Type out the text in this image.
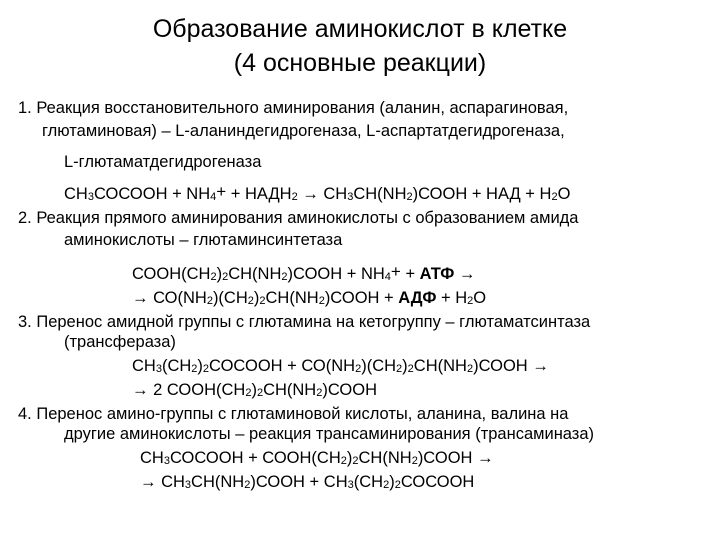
Образование аминокислот в клетке
(4 основные реакции)
1. Реакция восстановительного аминирования (аланин, аспарагиновая,
глютаминовая) – L-аланиндегидрогеназа, L-аспартатдегидрогеназа,
L-глютаматдегидрогеназа
$СН_3СОСООН + NH_4^+$ + $НАДН_2$ → $СН_3СН(NH_2)СООН$ + НАД + $Н_2О$
2. Реакция прямого аминирования аминокислоты с образованием амида
аминокислоты – глютаминсинтетаза
$СООН(СН_2)_2СН(NH_2)СООН + NH_4^+$ + АТФ →
→ $СО(NH_2)(СН_2)_2СН(NH_2)СООН$ + АДФ + $Н_2О$
3. Перенос амидной группы с глютамина на кетогруппу – глютаматсинтаза
(трансфераза)
$СН_3(СН_2)_2СОСООН$ + $СО(NH_2)(СН_2)_2СН(NH_2)СООН$ →
→ 2 $СООН(СН_2)_2СН(NH_2)СООН$
4. Перенос амино-группы с глютаминовой кислоты, аланина, валина на
другие аминокислоты – реакция трансаминирования (трансаминаза)
$СН_3СОСООН$ + $СООН(СН_2)_2СН(NH_2)СООН$ →
→ $СН_3СН(NH_2)СООН$ + $СН_3(СН_2)_2СОСООН$
